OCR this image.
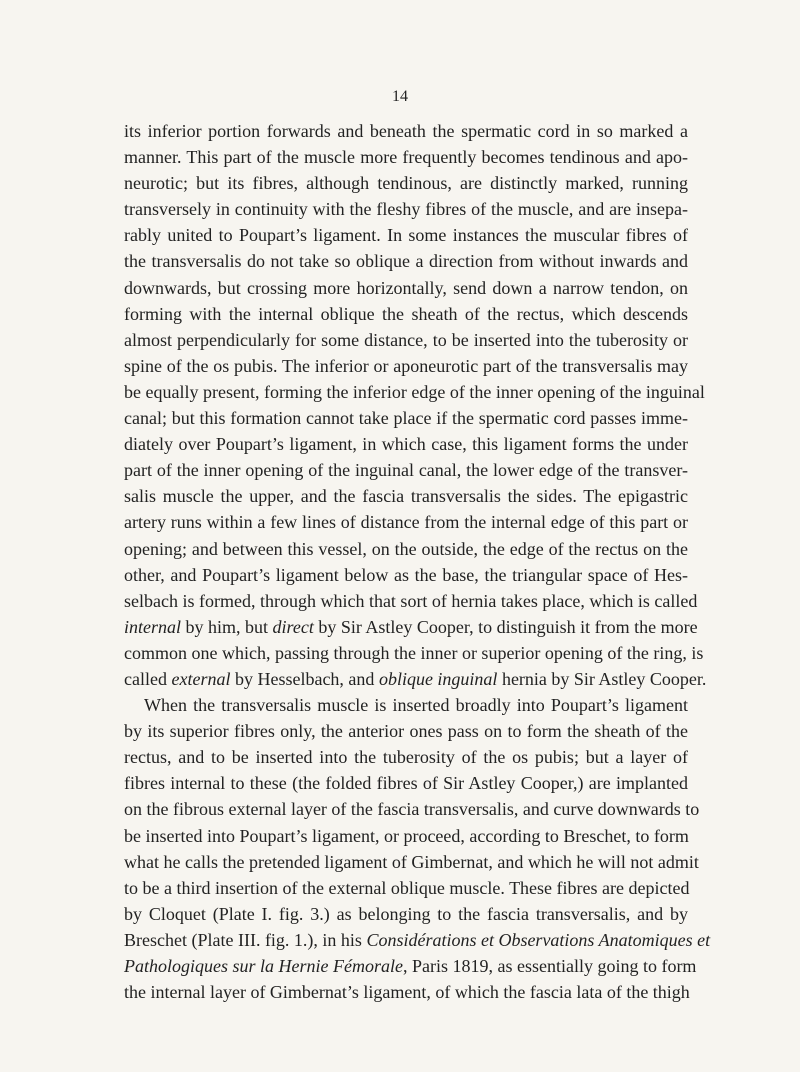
14
its inferior portion forwards and beneath the spermatic cord in so marked a
manner. This part of the muscle more frequently becomes tendinous and apo-
neurotic; but its fibres, although tendinous, are distinctly marked, running
transversely in continuity with the fleshy fibres of the muscle, and are insepa-
rably united to Poupart’s ligament. In some instances the muscular fibres of
the transversalis do not take so oblique a direction from without inwards and
downwards, but crossing more horizontally, send down a narrow tendon, on
forming with the internal oblique the sheath of the rectus, which descends
almost perpendicularly for some distance, to be inserted into the tuberosity or
spine of the os pubis. The inferior or aponeurotic part of the transversalis may
be equally present, forming the inferior edge of the inner opening of the inguinal
canal; but this formation cannot take place if the spermatic cord passes imme-
diately over Poupart’s ligament, in which case, this ligament forms the under
part of the inner opening of the inguinal canal, the lower edge of the transver-
salis muscle the upper, and the fascia transversalis the sides. The epigastric
artery runs within a few lines of distance from the internal edge of this part or
opening; and between this vessel, on the outside, the edge of the rectus on the
other, and Poupart’s ligament below as the base, the triangular space of Hes-
selbach is formed, through which that sort of hernia takes place, which is called
internal by him, but direct by Sir Astley Cooper, to distinguish it from the more
common one which, passing through the inner or superior opening of the ring, is
called external by Hesselbach, and oblique inguinal hernia by Sir Astley Cooper.
When the transversalis muscle is inserted broadly into Poupart’s ligament
by its superior fibres only, the anterior ones pass on to form the sheath of the
rectus, and to be inserted into the tuberosity of the os pubis; but a layer of
fibres internal to these (the folded fibres of Sir Astley Cooper,) are implanted
on the fibrous external layer of the fascia transversalis, and curve downwards to
be inserted into Poupart’s ligament, or proceed, according to Breschet, to form
what he calls the pretended ligament of Gimbernat, and which he will not admit
to be a third insertion of the external oblique muscle. These fibres are depicted
by Cloquet (Plate I. fig. 3.) as belonging to the fascia transversalis, and by
Breschet (Plate III. fig. 1.), in his Considérations et Observations Anatomiques et
Pathologiques sur la Hernie Fémorale, Paris 1819, as essentially going to form
the internal layer of Gimbernat’s ligament, of which the fascia lata of the thigh
